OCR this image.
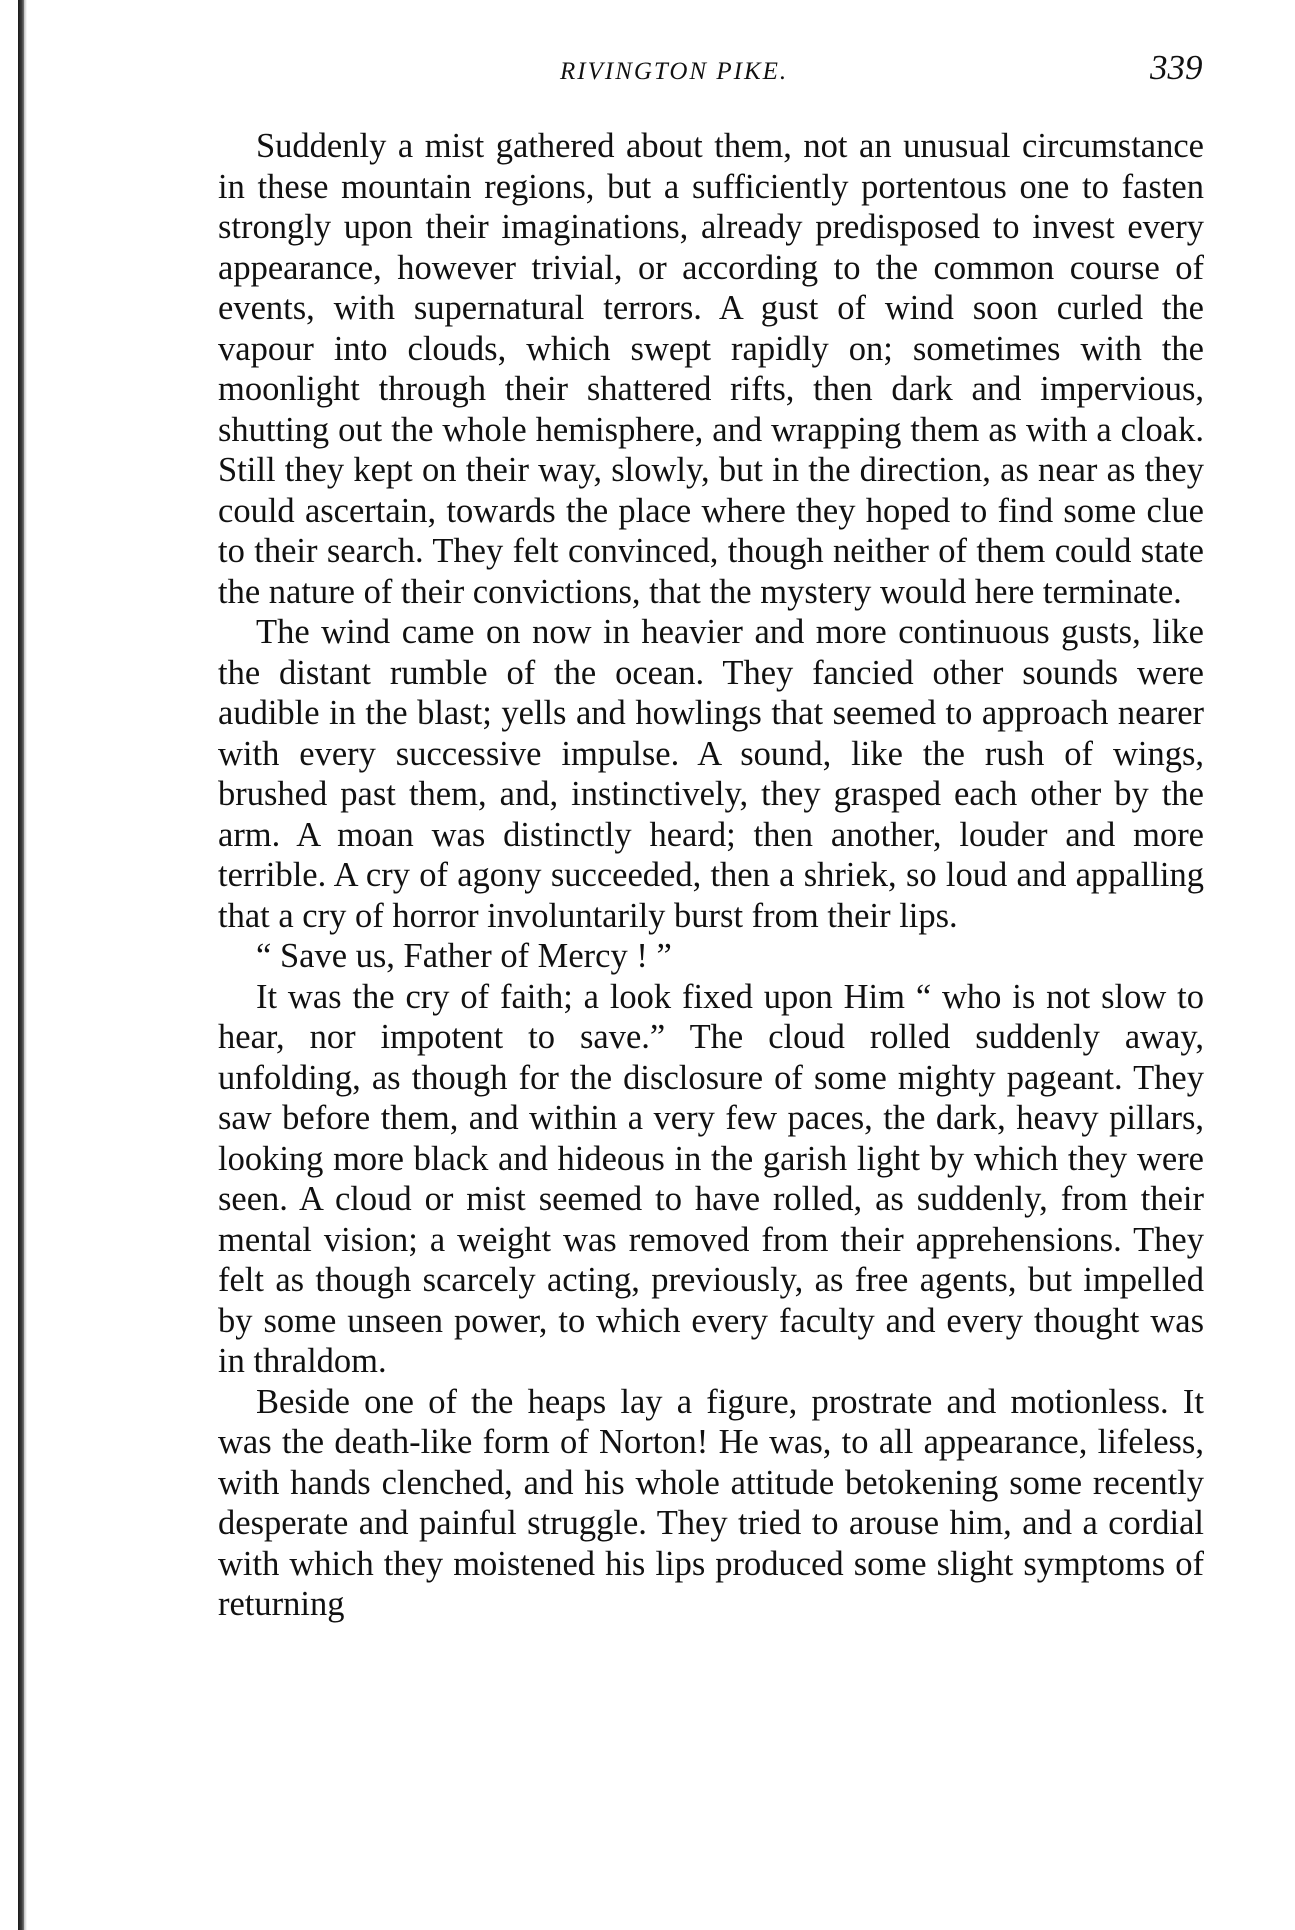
RIVINGTON PIKE.	339

Suddenly a mist gathered about them, not an unusual circumstance in these mountain regions, but a sufficiently portentous one to fasten strongly upon their imaginations, already predisposed to invest every appearance, however trivial, or according to the common course of events, with supernatural terrors. A gust of wind soon curled the vapour into clouds, which swept rapidly on; sometimes with the moonlight through their shattered rifts, then dark and impervious, shutting out the whole hemisphere, and wrapping them as with a cloak. Still they kept on their way, slowly, but in the direction, as near as they could ascertain, towards the place where they hoped to find some clue to their search. They felt convinced, though neither of them could state the nature of their convictions, that the mystery would here terminate.

The wind came on now in heavier and more continuous gusts, like the distant rumble of the ocean. They fancied other sounds were audible in the blast; yells and howlings that seemed to approach nearer with every successive impulse. A sound, like the rush of wings, brushed past them, and, instinctively, they grasped each other by the arm. A moan was distinctly heard; then another, louder and more terrible. A cry of agony succeeded, then a shriek, so loud and appalling that a cry of horror involuntarily burst from their lips.

“ Save us, Father of Mercy ! ”

It was the cry of faith; a look fixed upon Him “ who is not slow to hear, nor impotent to save.” The cloud rolled suddenly away, unfolding, as though for the disclosure of some mighty pageant. They saw before them, and within a very few paces, the dark, heavy pillars, looking more black and hideous in the garish light by which they were seen. A cloud or mist seemed to have rolled, as suddenly, from their mental vision; a weight was removed from their apprehensions. They felt as though scarcely acting, previously, as free agents, but impelled by some unseen power, to which every faculty and every thought was in thraldom.

Beside one of the heaps lay a figure, prostrate and motionless. It was the death-like form of Norton! He was, to all appearance, lifeless, with hands clenched, and his whole attitude betokening some recently desperate and painful struggle. They tried to arouse him, and a cordial with which they moistened his lips produced some slight symptoms of returning
